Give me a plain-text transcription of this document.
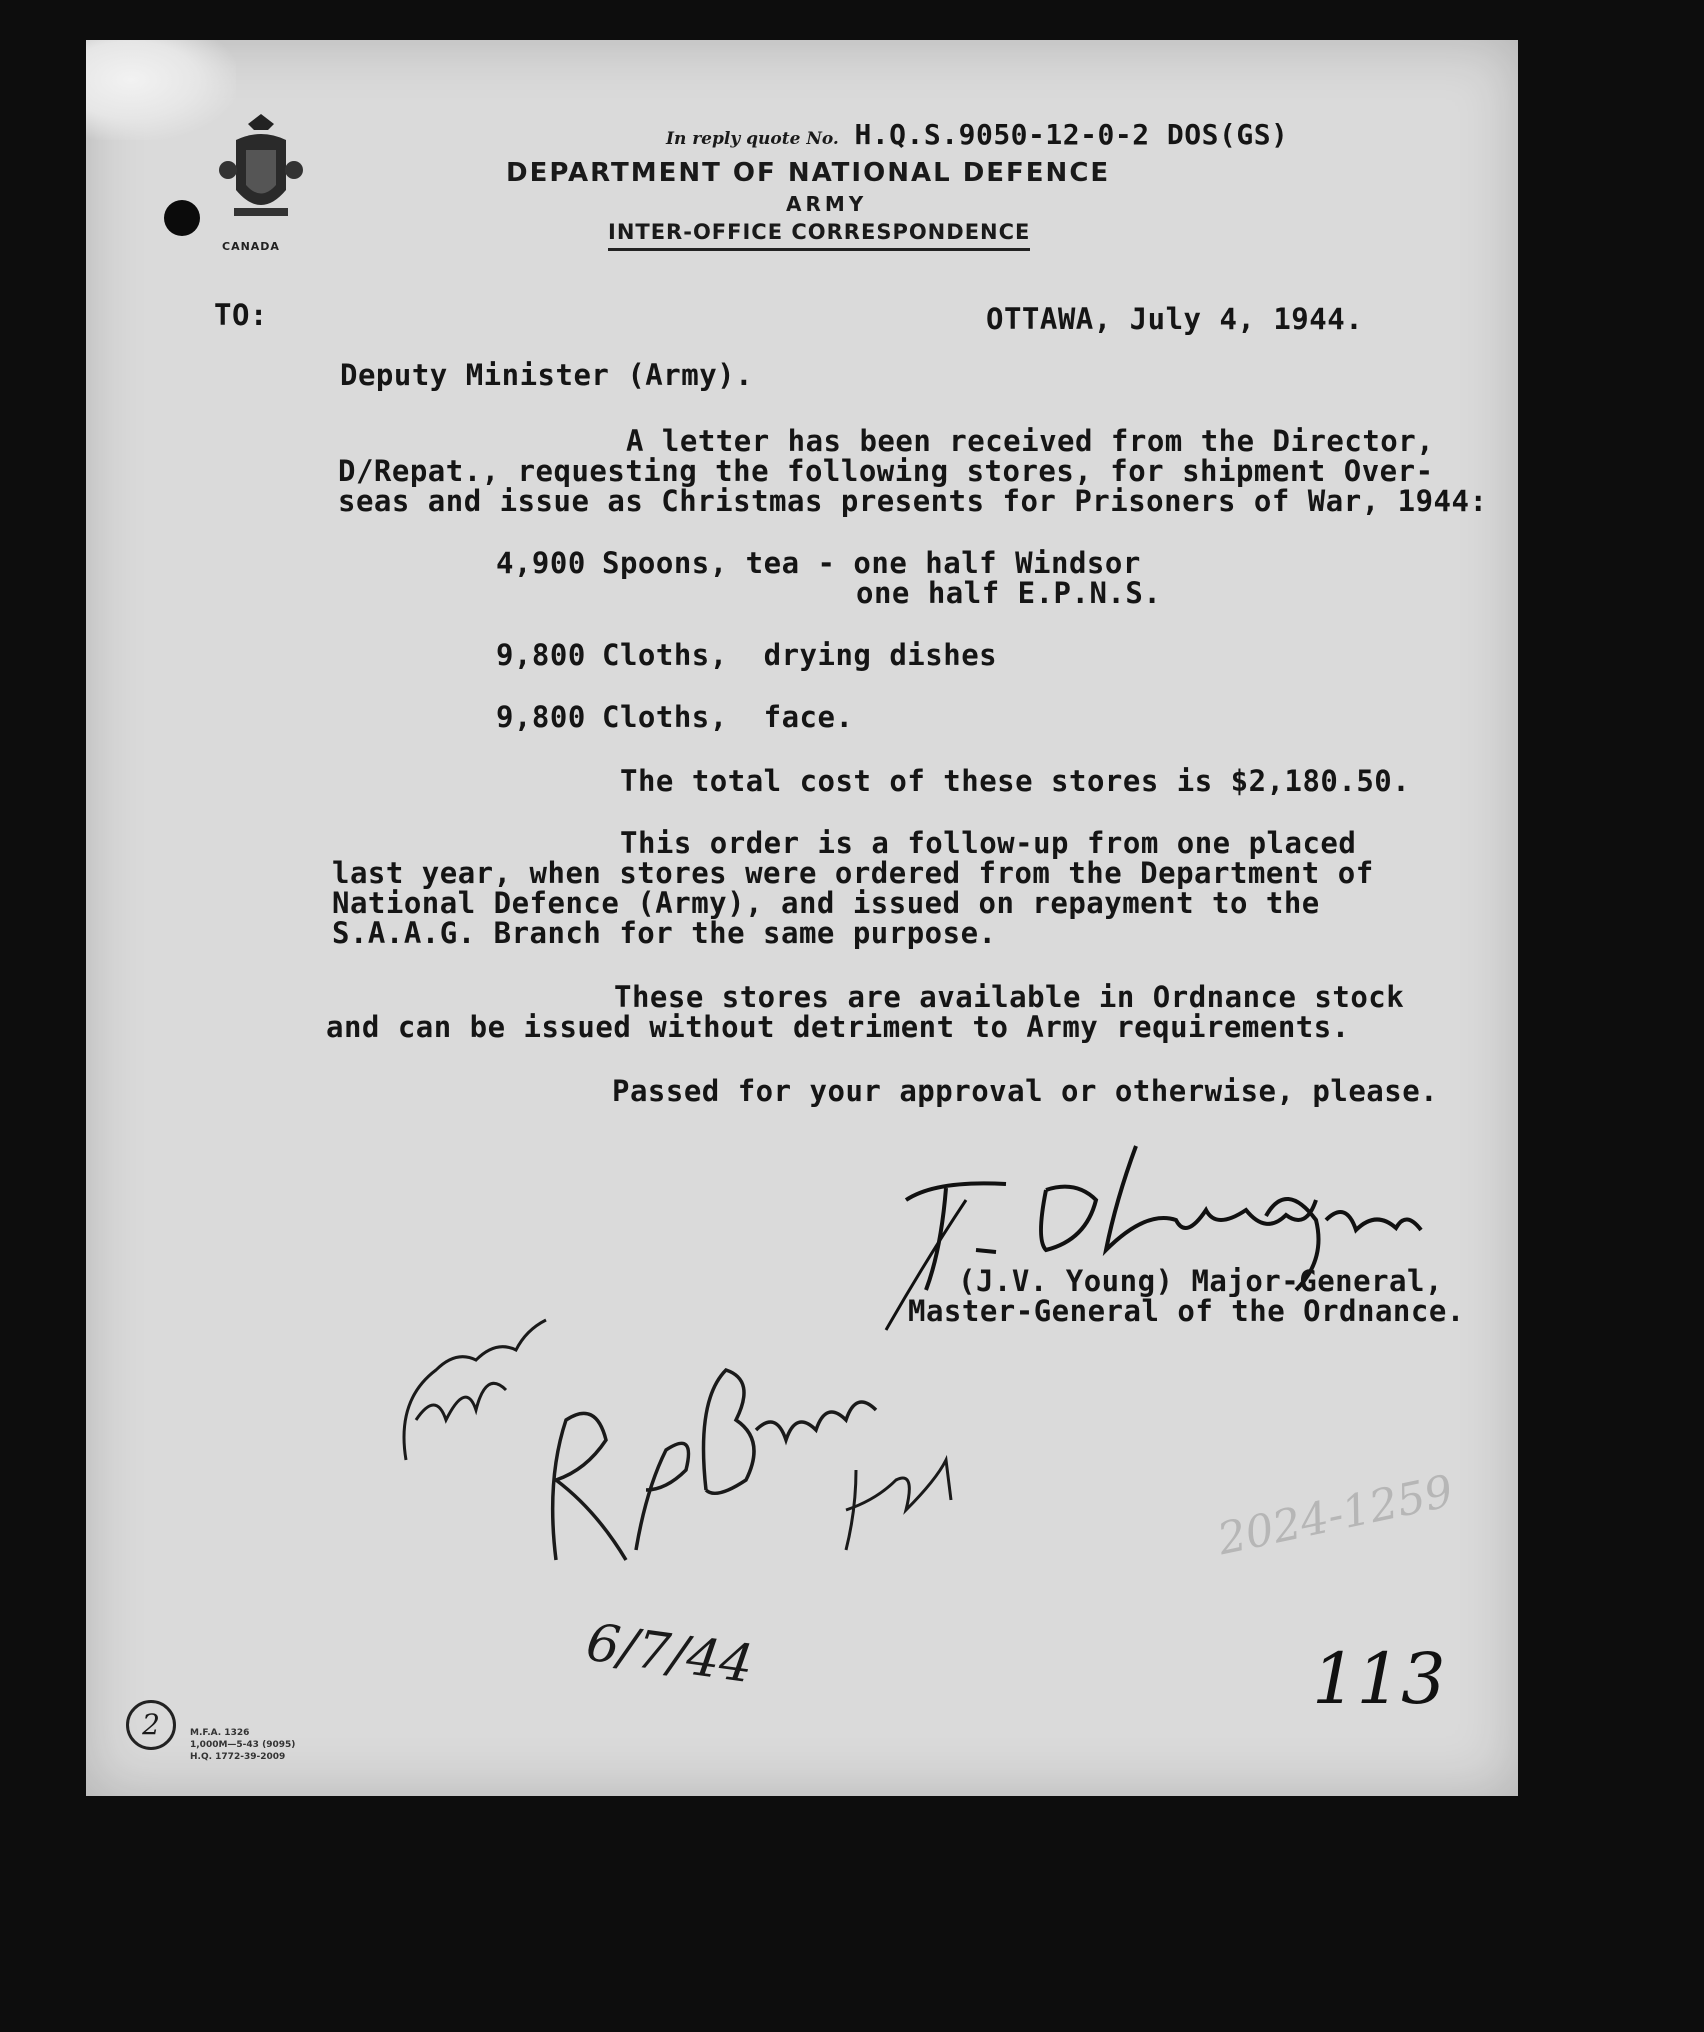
CANADA
In reply quote No. H.Q.S.9050-12-0-2 DOS(GS)
DEPARTMENT OF NATIONAL DEFENCE
ARMY
INTER-OFFICE CORRESPONDENCE
TO:	OTTAWA, July 4, 1944.
Deputy Minister (Army).
A letter has been received from the Director,
D/Repat., requesting the following stores, for shipment Over-
seas and issue as Christmas presents for Prisoners of War, 1944:
4,900 Spoons, tea - one half Windsor
one half E.P.N.S.
9,800 Cloths,  drying dishes
9,800 Cloths,  face.
The total cost of these stores is $2,180.50.
This order is a follow-up from one placed
last year, when stores were ordered from the Department of
National Defence (Army), and issued on repayment to the
S.A.A.G. Branch for the same purpose.
These stores are available in Ordnance stock
and can be issued without detriment to Army requirements.
Passed for your approval or otherwise, please.
(J.V. Young) Major-General,
Master-General of the Ordnance.
6/7/44
2024-1259
113
2	M.F.A. 1326
1,000M—5-43 (9095)
H.Q. 1772-39-2009
